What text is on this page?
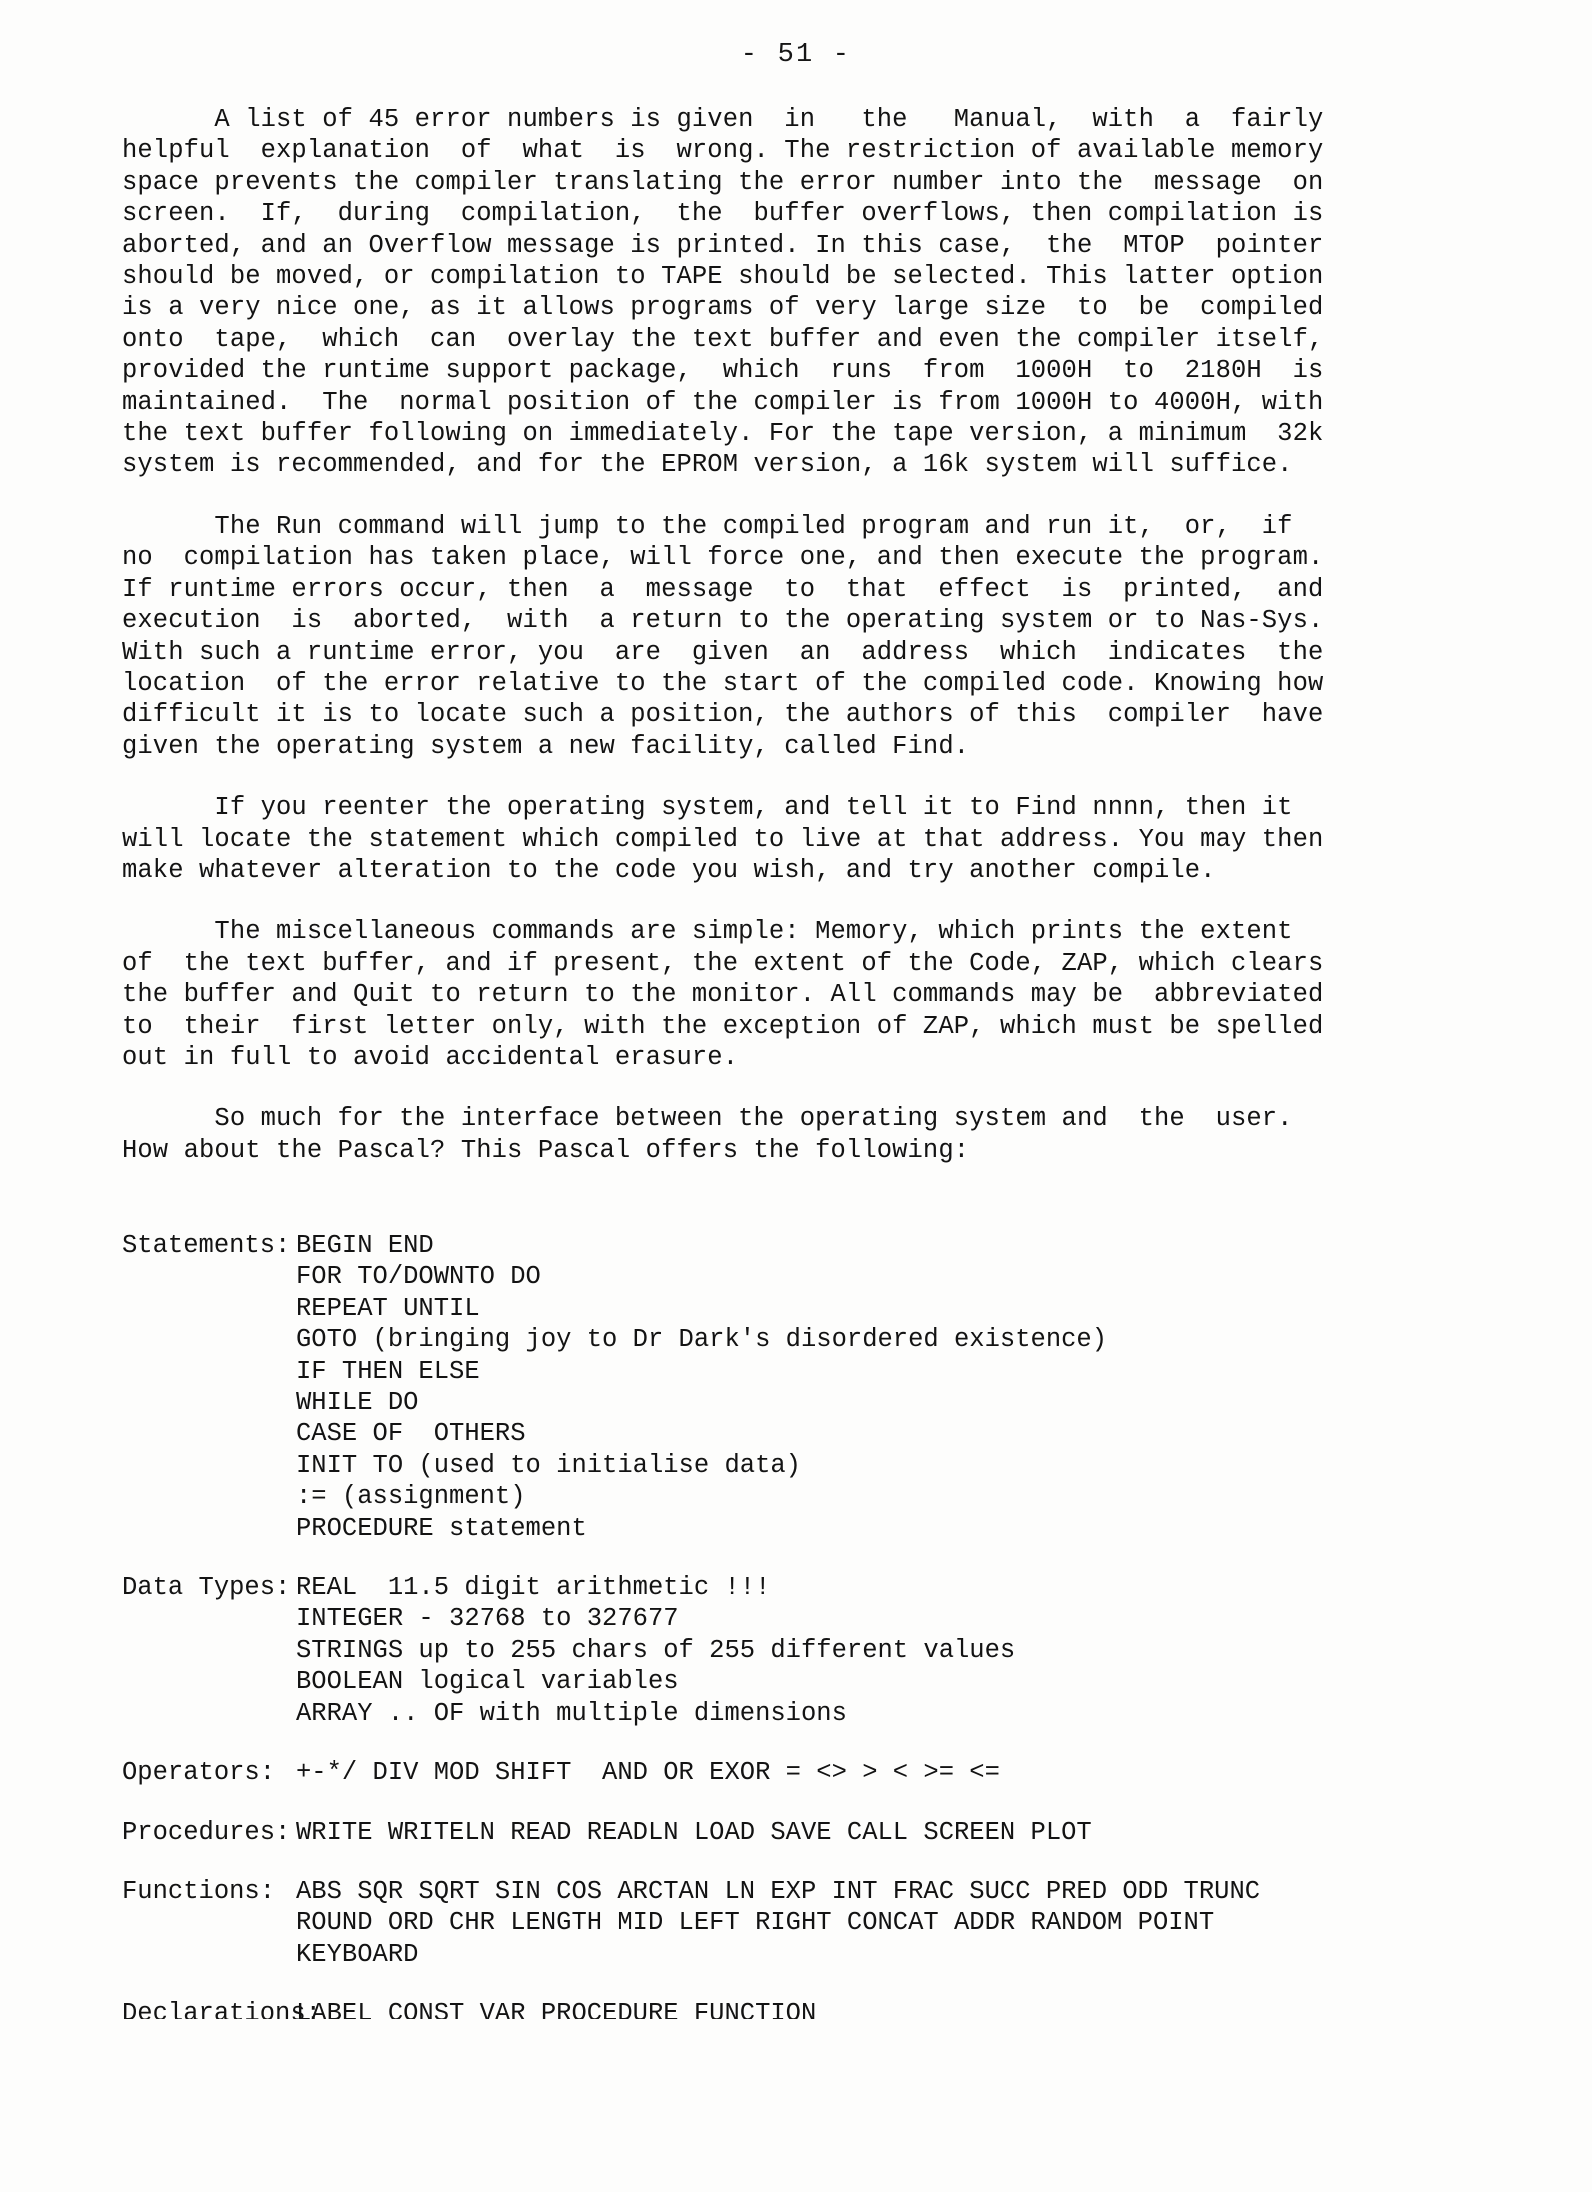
- 51 -
A list of 45 error numbers is given  in   the   Manual,  with  a  fairly
helpful  explanation  of  what  is  wrong. The restriction of available memory
space prevents the compiler translating the error number into the  message  on
screen.  If,  during  compilation,  the  buffer overflows, then compilation is
aborted, and an Overflow message is printed. In this case,  the  MTOP  pointer
should be moved, or compilation to TAPE should be selected. This latter option
is a very nice one, as it allows programs of very large size  to  be  compiled
onto  tape,  which  can  overlay the text buffer and even the compiler itself,
provided the runtime support package,  which  runs  from  1000H  to  2180H  is
maintained.  The  normal position of the compiler is from 1000H to 4000H, with
the text buffer following on immediately. For the tape version, a minimum  32k
system is recommended, and for the EPROM version, a 16k system will suffice.
The Run command will jump to the compiled program and run it,  or,  if
no  compilation has taken place, will force one, and then execute the program.
If runtime errors occur, then  a  message  to  that  effect  is  printed,  and
execution  is  aborted,  with  a return to the operating system or to Nas-Sys.
With such a runtime error, you  are  given  an  address  which  indicates  the
location  of the error relative to the start of the compiled code. Knowing how
difficult it is to locate such a position, the authors of this  compiler  have
given the operating system a new facility, called Find.
If you reenter the operating system, and tell it to Find nnnn, then it
will locate the statement which compiled to live at that address. You may then
make whatever alteration to the code you wish, and try another compile.
The miscellaneous commands are simple: Memory, which prints the extent
of  the text buffer, and if present, the extent of the Code, ZAP, which clears
the buffer and Quit to return to the monitor. All commands may be  abbreviated
to  their  first letter only, with the exception of ZAP, which must be spelled
out in full to avoid accidental erasure.
So much for the interface between the operating system and  the  user.
How about the Pascal? This Pascal offers the following:
Statements: BEGIN END
FOR TO/DOWNTO DO
REPEAT UNTIL
GOTO (bringing joy to Dr Dark's disordered existence)
IF THEN ELSE
WHILE DO
CASE OF  OTHERS
INIT TO (used to initialise data)
:= (assignment)
PROCEDURE statement
Data Types: REAL  11.5 digit arithmetic !!!
INTEGER - 32768 to 327677
STRINGS up to 255 chars of 255 different values
BOOLEAN logical variables
ARRAY .. OF with multiple dimensions
Operators: +-*/ DIV MOD SHIFT  AND OR EXOR = <> > < >= <=
Procedures: WRITE WRITELN READ READLN LOAD SAVE CALL SCREEN PLOT
Functions: ABS SQR SQRT SIN COS ARCTAN LN EXP INT FRAC SUCC PRED ODD TRUNC
ROUND ORD CHR LENGTH MID LEFT RIGHT CONCAT ADDR RANDOM POINT
KEYBOARD
Declarations:
LABEL CONST VAR PROCEDURE FUNCTION
